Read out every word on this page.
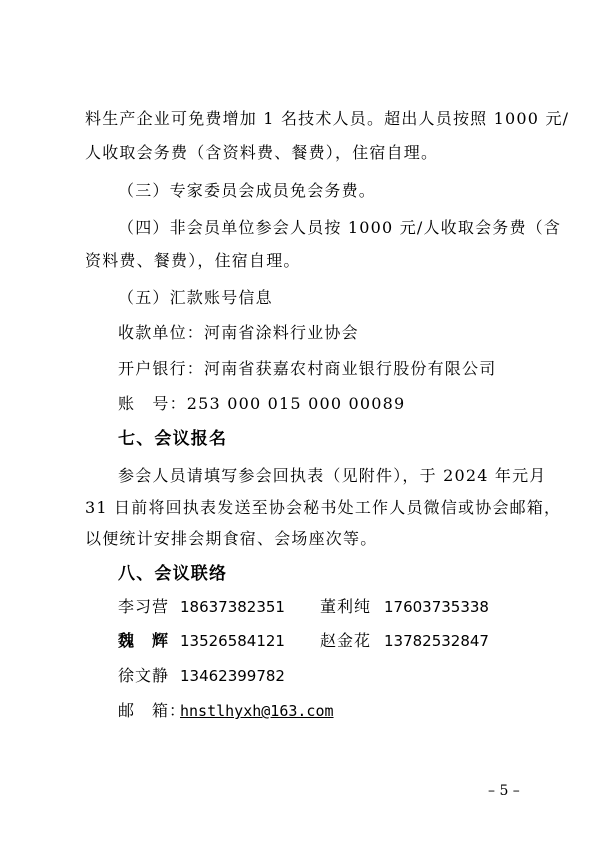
料生产企业可免费增加 1 名技术人员。超出人员按照 1000 元/
人收取会务费（含资料费、餐费），住宿自理。
（三）专家委员会成员免会务费。
（四）非会员单位参会人员按 1000 元/人收取会务费（含
资料费、餐费），住宿自理。
（五）汇款账号信息
收款单位：河南省涂料行业协会
开户银行：河南省获嘉农村商业银行股份有限公司
账　号：253 000 015 000 00089
七、会议报名
参会人员请填写参会回执表（见附件），于 2024 年元月
31 日前将回执表发送至协会秘书处工作人员微信或协会邮箱，
以便统计安排会期食宿、会场座次等。
八、会议联络
李习营 18637382351 董利纯 17603735338
魏　辉 13526584121 赵金花 13782532847
徐文静 13462399782
邮　箱：
hnstlhyxh@163.com
– 5 –
